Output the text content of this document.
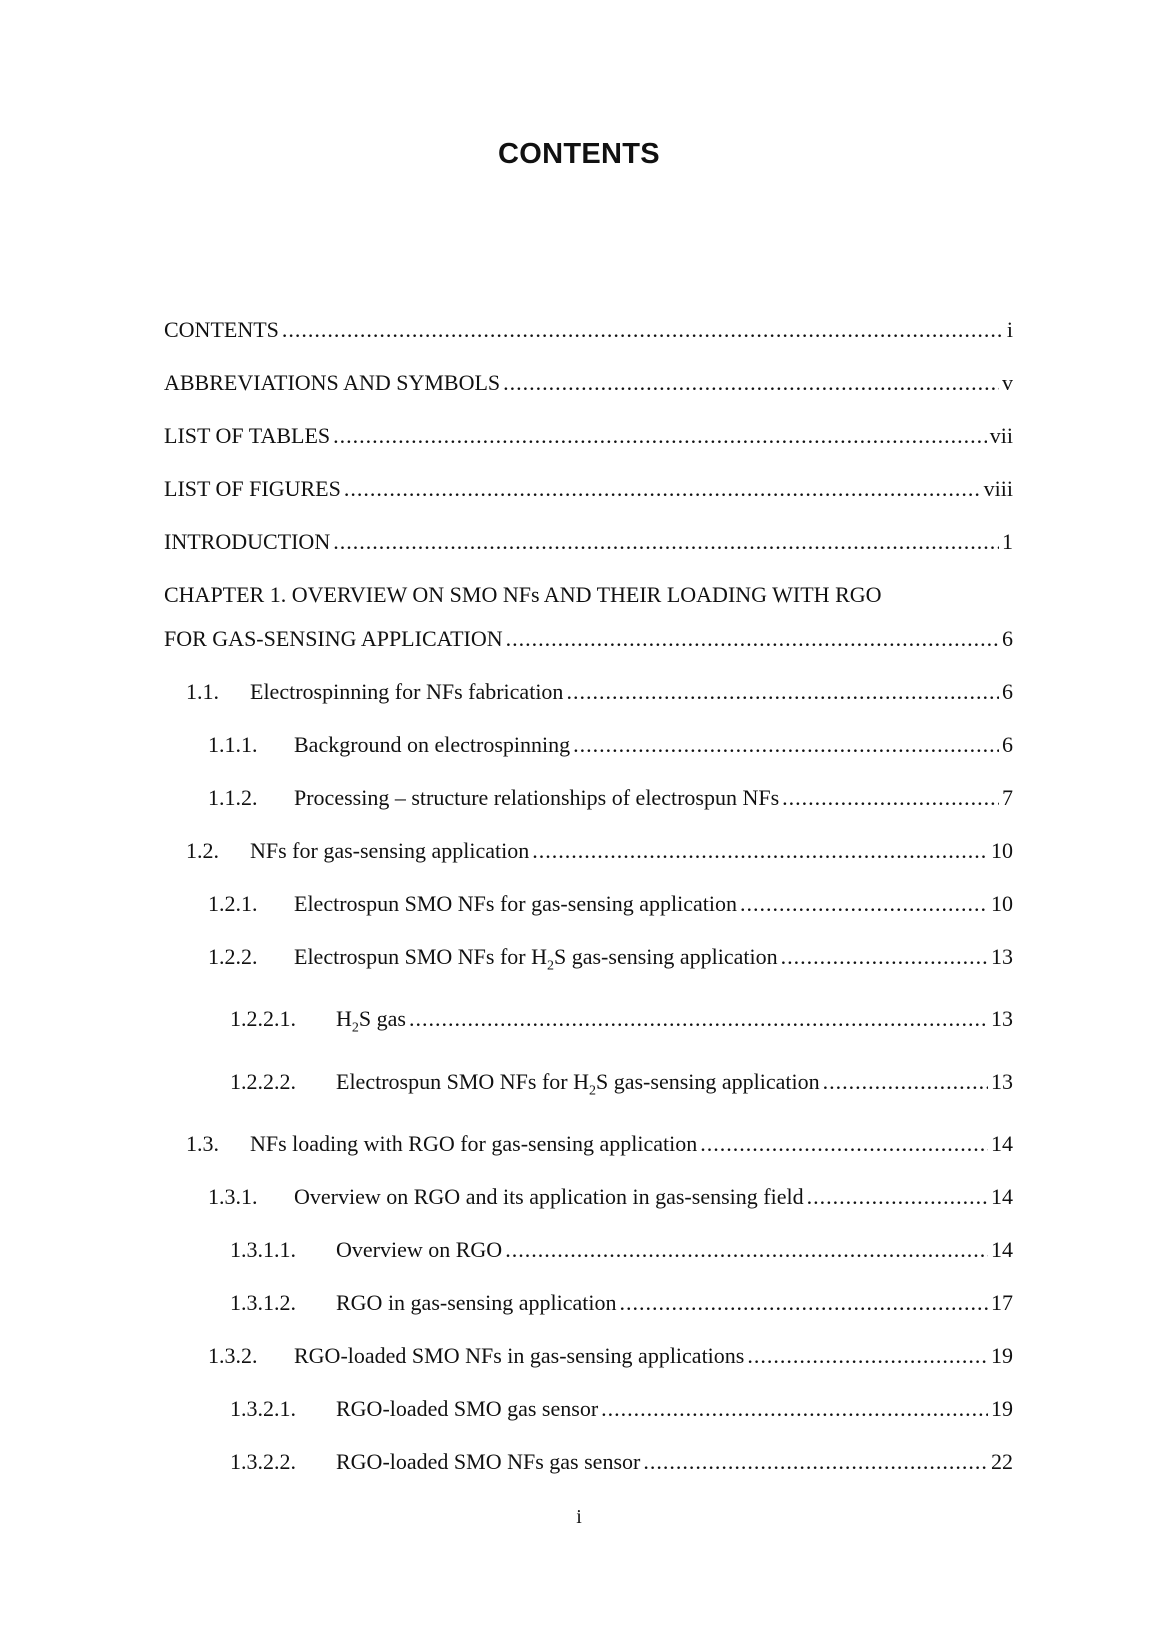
CONTENTS
CONTENTS .....	i
ABBREVIATIONS AND SYMBOLS .....	v
LIST OF TABLES .....	vii
LIST OF FIGURES .....	viii
INTRODUCTION .....	1
CHAPTER 1. OVERVIEW ON SMO NFs AND THEIR LOADING WITH RGO
FOR GAS-SENSING APPLICATION .....	6
1.1.	Electrospinning for NFs fabrication .....	6
1.1.1.	Background on electrospinning .....	6
1.1.2.	Processing – structure relationships of electrospun NFs .....	7
1.2.	NFs for gas-sensing application .....	10
1.2.1.	Electrospun SMO NFs for gas-sensing application .....	10
1.2.2.	Electrospun SMO NFs for $H_2S$ gas-sensing application .....	13
1.2.2.1.	$H_2S$ gas .....	13
1.2.2.2.	Electrospun SMO NFs for $H_2S$ gas-sensing application .....	13
1.3.	NFs loading with RGO for gas-sensing application .....	14
1.3.1.	Overview on RGO and its application in gas-sensing field .....	14
1.3.1.1.	Overview on RGO .....	14
1.3.1.2.	RGO in gas-sensing application .....	17
1.3.2.	RGO-loaded SMO NFs in gas-sensing applications .....	19
1.3.2.1.	RGO-loaded SMO gas sensor .....	19
1.3.2.2.	RGO-loaded SMO NFs gas sensor .....	22
i
